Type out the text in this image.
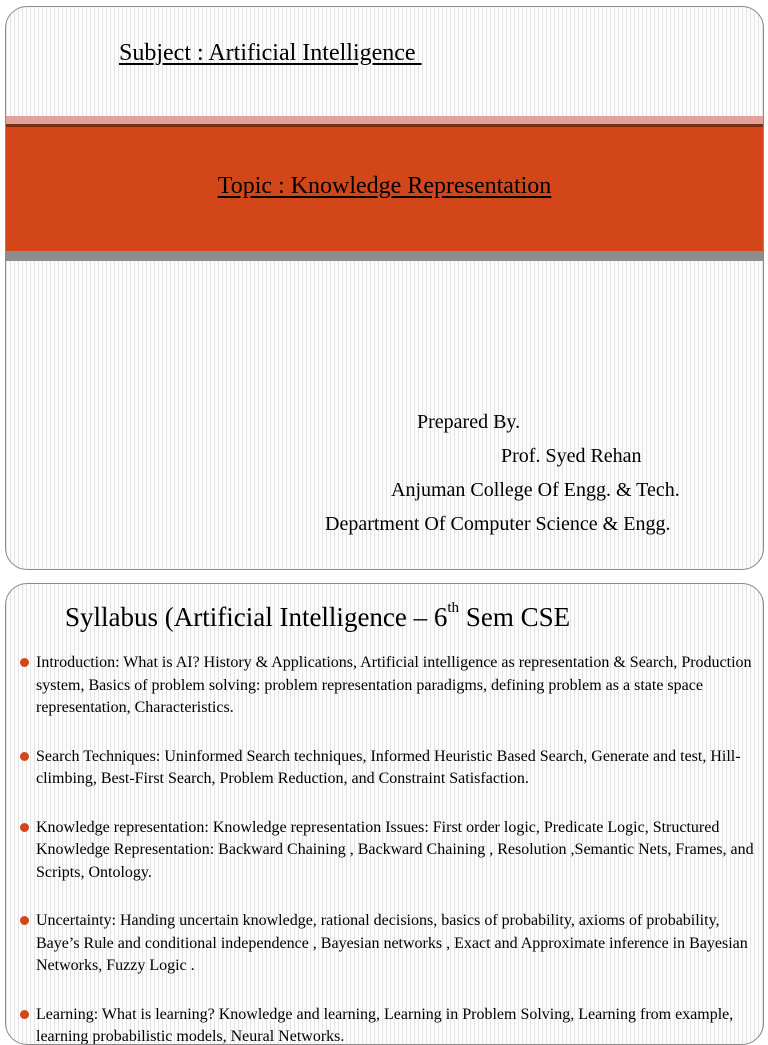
Subject : Artificial Intelligence
Topic : Knowledge Representation
Prepared By.
Prof. Syed Rehan
Anjuman College Of Engg. & Tech.
Department Of Computer Science & Engg.
Syllabus (Artificial Intelligence – 6th Sem CSE
Introduction: What is AI? History & Applications, Artificial intelligence as representation & Search, Production system, Basics of problem solving: problem representation paradigms, defining problem as a state space representation, Characteristics.
Search Techniques: Uninformed Search techniques, Informed Heuristic Based Search, Generate and test, Hill-climbing, Best-First Search, Problem Reduction, and Constraint Satisfaction.
Knowledge representation: Knowledge representation Issues: First order logic, Predicate Logic, Structured Knowledge Representation: Backward Chaining , Backward Chaining , Resolution ,Semantic Nets, Frames, and Scripts, Ontology.
Uncertainty: Handing uncertain knowledge, rational decisions, basics of probability, axioms of probability, Baye’s Rule and conditional independence , Bayesian networks , Exact and Approximate inference in Bayesian Networks, Fuzzy Logic .
Learning: What is learning? Knowledge and learning, Learning in Problem Solving, Learning from example, learning probabilistic models, Neural Networks.
